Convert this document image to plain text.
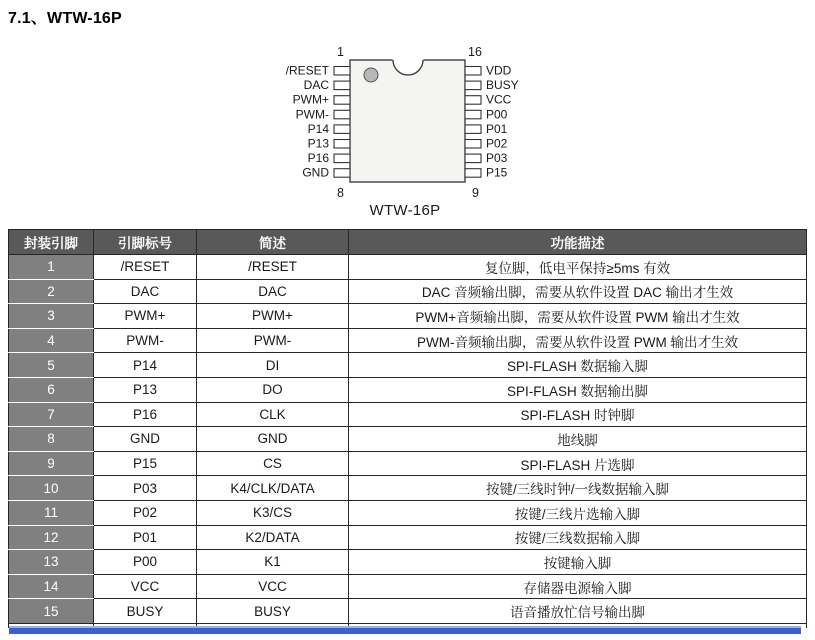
7.1、WTW-16P
/RESET	VDD
DAC	BUSY
PWM+	VCC
PWM-	P00
P14	P01
P13	P02
P16	P03
GND	P15
1	16
8	9
WTW-16P
封装引脚	引脚标号	简述	功能描述
1	/RESET	/RESET	复位脚，低电平保持≥5ms 有效
2	DAC	DAC	DAC 音频输出脚，需要从软件设置 DAC 输出才生效
3	PWM+	PWM+	PWM+音频输出脚，需要从软件设置 PWM 输出才生效
4	PWM-	PWM-	PWM-音频输出脚，需要从软件设置 PWM 输出才生效
5	P14	DI	SPI-FLASH 数据输入脚
6	P13	DO	SPI-FLASH 数据输出脚
7	P16	CLK	SPI-FLASH 时钟脚
8	GND	GND	地线脚
9	P15	CS	SPI-FLASH 片选脚
10	P03	K4/CLK/DATA	按键/三线时钟/一线数据输入脚
11	P02	K3/CS	按键/三线片选输入脚
12	P01	K2/DATA	按键/三线数据输入脚
13	P00	K1	按键输入脚
14	VCC	VCC	存储器电源输入脚
15	BUSY	BUSY	语音播放忙信号输出脚
